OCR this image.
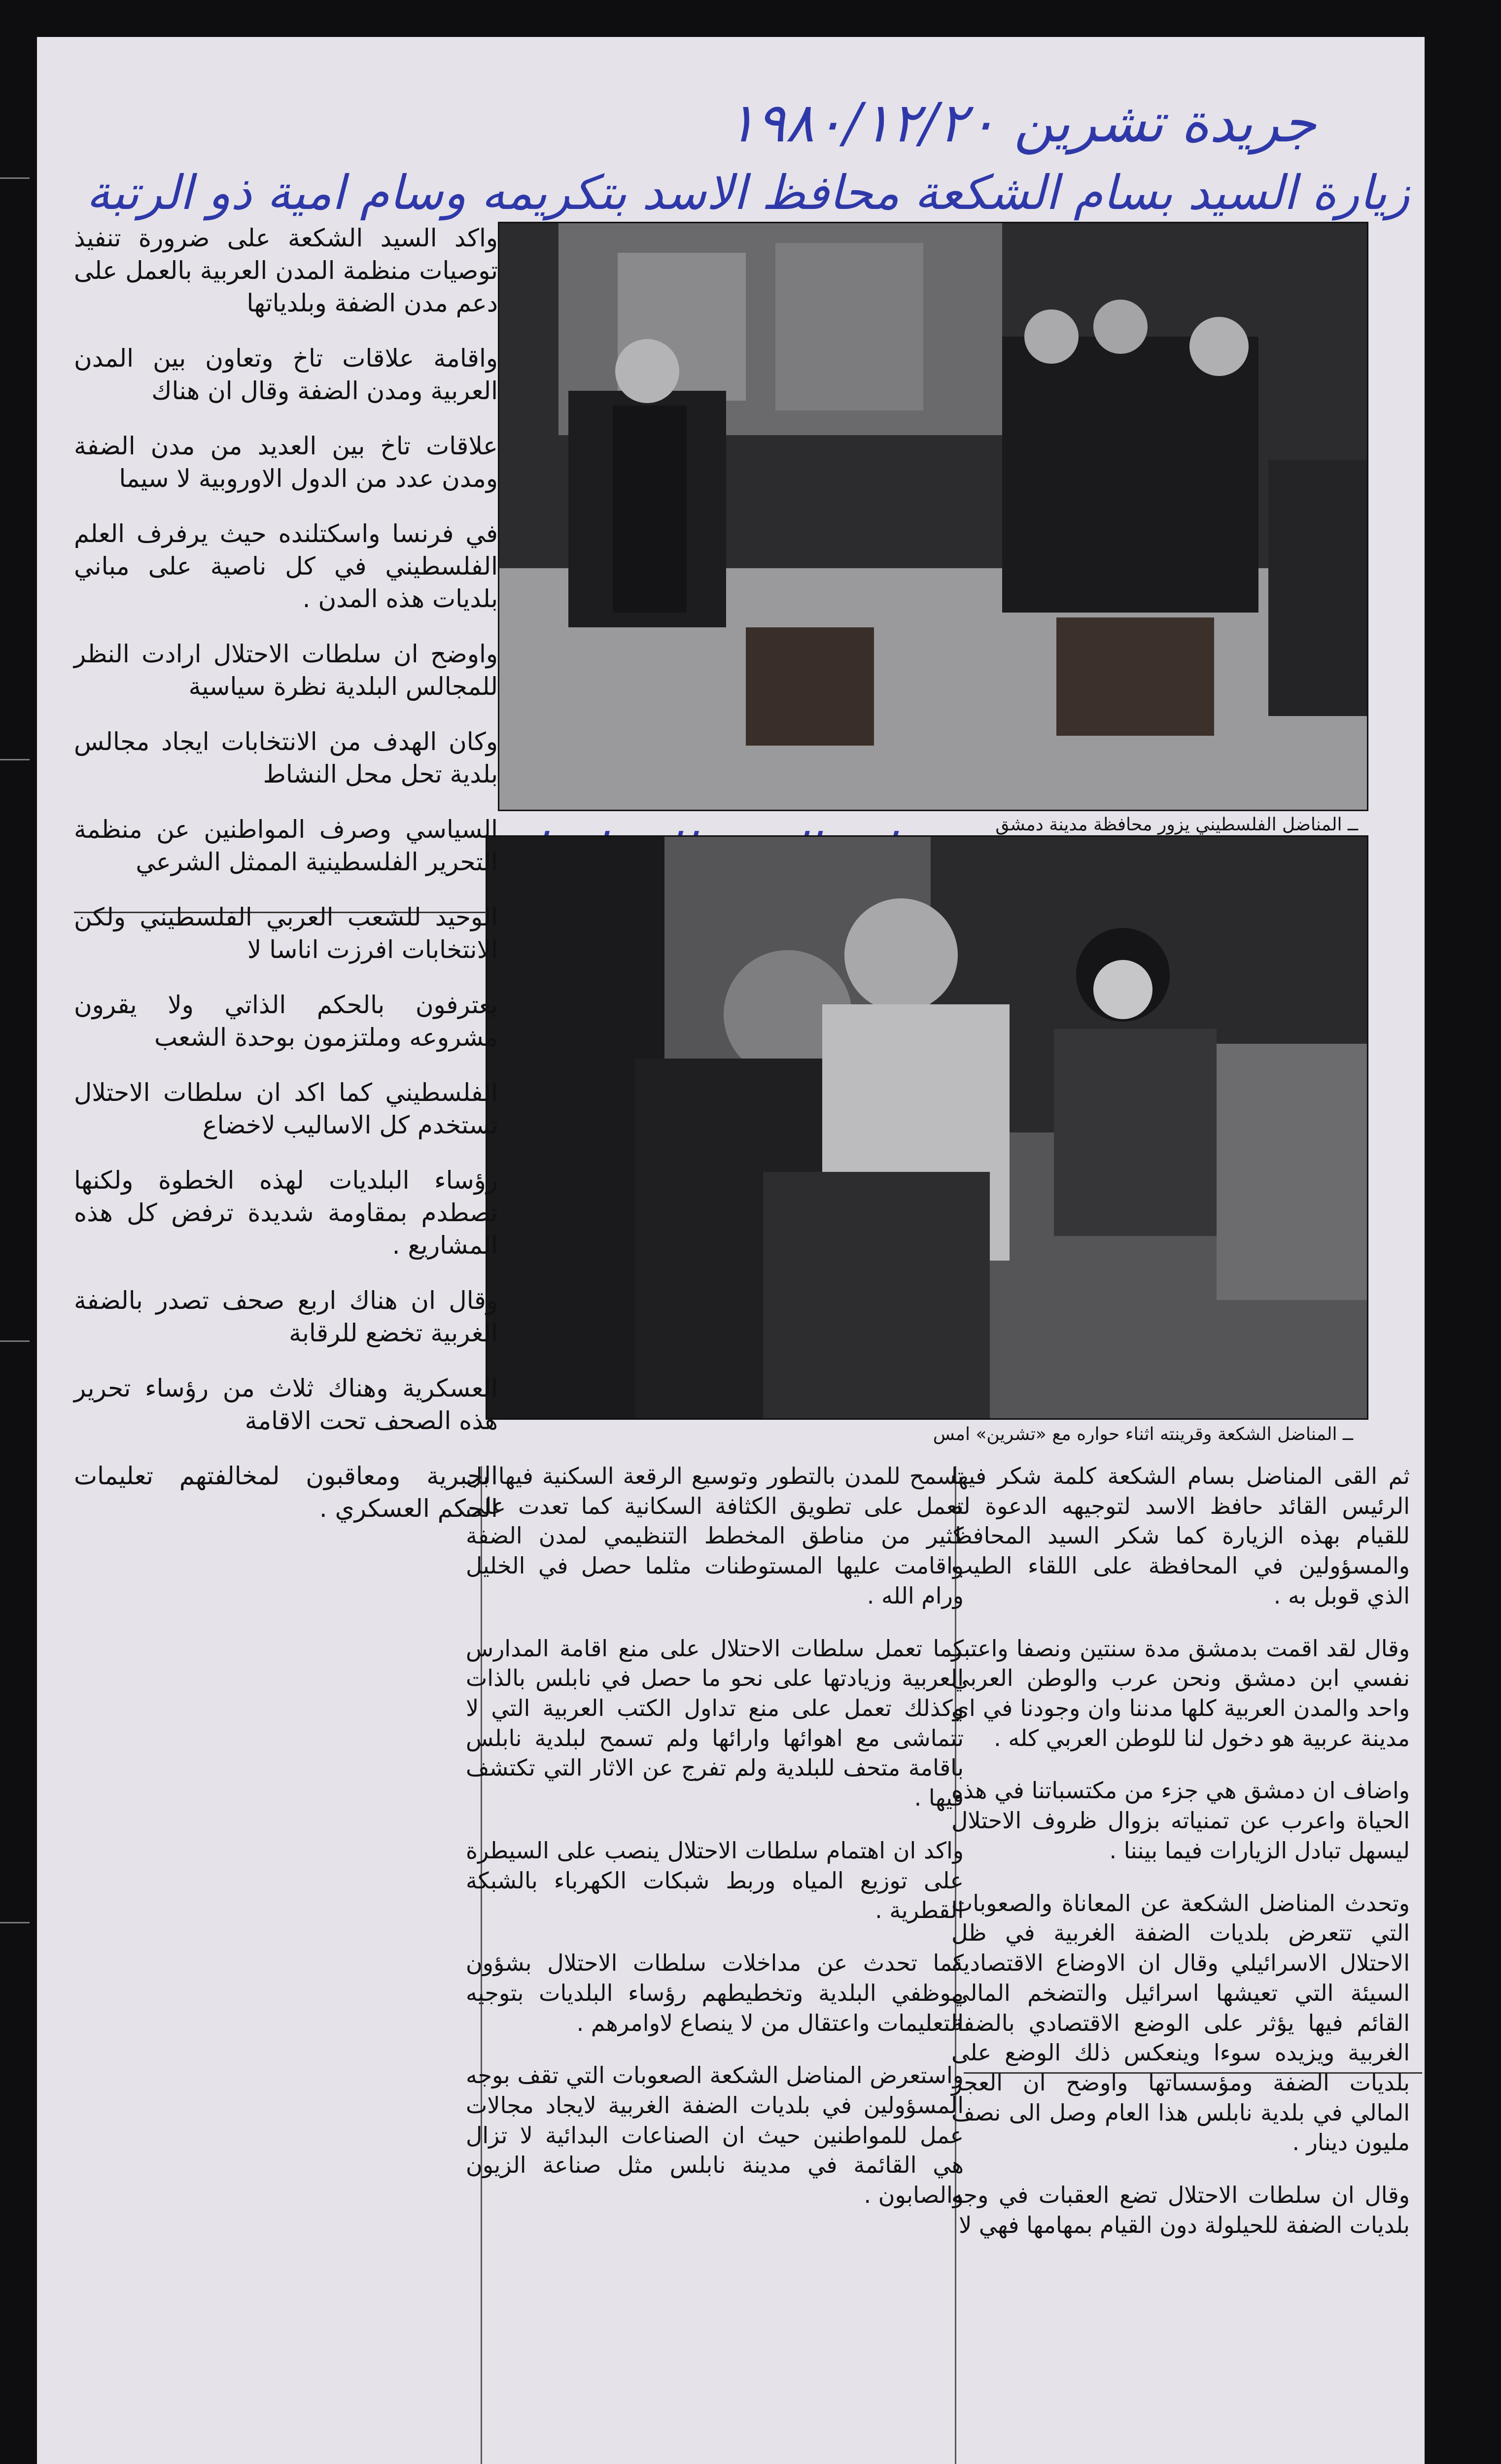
جريدة تشرين ١٩٨٠/١٢/٢٠
زيارة السيد بسام الشكعة محافظ الاسد بتكريمه وسام امية ذو الرتبة
ــ المناضل الفلسطيني يزور محافظة مدينة دمشق
ــ المناضل الشكعة وقرينته اثناء حواره مع «تشرين» امس

واكد السيد الشكعة على ضرورة تنفيذ توصيات منظمة المدن العربية بالعمل على دعم مدن الضفة وبلدياتها

واقامة علاقات تاخ وتعاون بين المدن العربية ومدن الضفة وقال ان هناك

علاقات تاخ بين العديد من مدن الضفة ومدن عدد من الدول الاوروبية لا سيما

في فرنسا واسكتلنده حيث يرفرف العلم الفلسطيني في كل ناصية على مباني بلديات هذه المدن .

واوضح ان سلطات الاحتلال ارادت النظر للمجالس البلدية نظرة سياسية

وكان الهدف من الانتخابات ايجاد مجالس بلدية تحل محل النشاط

السياسي وصرف المواطنين عن منظمة التحرير الفلسطينية الممثل الشرعي

الوحيد للشعب العربي الفلسطيني ولكن الانتخابات افرزت اناسا لا

يعترفون بالحكم الذاتي ولا يقرون مشروعه وملتزمون بوحدة الشعب

الفلسطيني كما اكد ان سلطات الاحتلال تستخدم كل الاساليب لاخضاع

رؤساء البلديات لهذه الخطوة ولكنها تصطدم بمقاومة شديدة ترفض كل هذه المشاريع .

وقال ان هناك اربع صحف تصدر بالضفة الغربية تخضع للرقابة

العسكرية وهناك ثلاث من رؤساء تحرير هذه الصحف تحت الاقامة

الجبرية ومعاقبون لمخالفتهم تعليمات الحكم العسكري .

تسمح للمدن بالتطور وتوسيع الرقعة السكنية فيها بل تعمل على تطويق الكثافة السكانية كما تعدت على كثير من مناطق المخطط التنظيمي لمدن الضفة واقامت عليها المستوطنات مثلما حصل في الخليل ورام الله .

كما تعمل سلطات الاحتلال على منع اقامة المدارس العربية وزيادتها على نحو ما حصل في نابلس بالذات وكذلك تعمل على منع تداول الكتب العربية التي لا تتماشى مع اهوائها وارائها ولم تسمح لبلدية نابلس باقامة متحف للبلدية ولم تفرج عن الاثار التي تكتشف فيها .

واكد ان اهتمام سلطات الاحتلال ينصب على السيطرة على توزيع المياه وربط شبكات الكهرباء بالشبكة القطرية .

كما تحدث عن مداخلات سلطات الاحتلال بشؤون موظفي البلدية وتخطيطهم رؤساء البلديات بتوجيه التعليمات واعتقال من لا ينصاع لاوامرهم .

واستعرض المناضل الشكعة الصعوبات التي تقف بوجه المسؤولين في بلديات الضفة الغربية لايجاد مجالات عمل للمواطنين حيث ان الصناعات البدائية لا تزال هي القائمة في مدينة نابلس مثل صناعة الزيون والصابون .

ثم القى المناضل بسام الشكعة كلمة شكر فيها الرئيس القائد حافظ الاسد لتوجيهه الدعوة له للقيام بهذه الزيارة كما شكر السيد المحافظ والمسؤولين في المحافظة على اللقاء الطيب الذي قوبل به .

وقال لقد اقمت بدمشق مدة سنتين ونصفا واعتبر نفسي ابن دمشق ونحن عرب والوطن العربي واحد والمدن العربية كلها مدننا وان وجودنا في اي مدينة عربية هو دخول لنا للوطن العربي كله .

واضاف ان دمشق هي جزء من مكتسباتنا في هذه الحياة واعرب عن تمنياته بزوال ظروف الاحتلال ليسهل تبادل الزيارات فيما بيننا .

وتحدث المناضل الشكعة عن المعاناة والصعوبات التي تتعرض بلديات الضفة الغربية في ظل الاحتلال الاسرائيلي وقال ان الاوضاع الاقتصادية السيئة التي تعيشها اسرائيل والتضخم المالي القائم فيها يؤثر على الوضع الاقتصادي بالضفة الغربية ويزيده سوءا وينعكس ذلك الوضع على بلديات الضفة ومؤسساتها واوضح ان العجز المالي في بلدية نابلس هذا العام وصل الى نصف مليون دينار .

وقال ان سلطات الاحتلال تضع العقبات في وجه بلديات الضفة للحيلولة دون القيام بمهامها فهي لا
